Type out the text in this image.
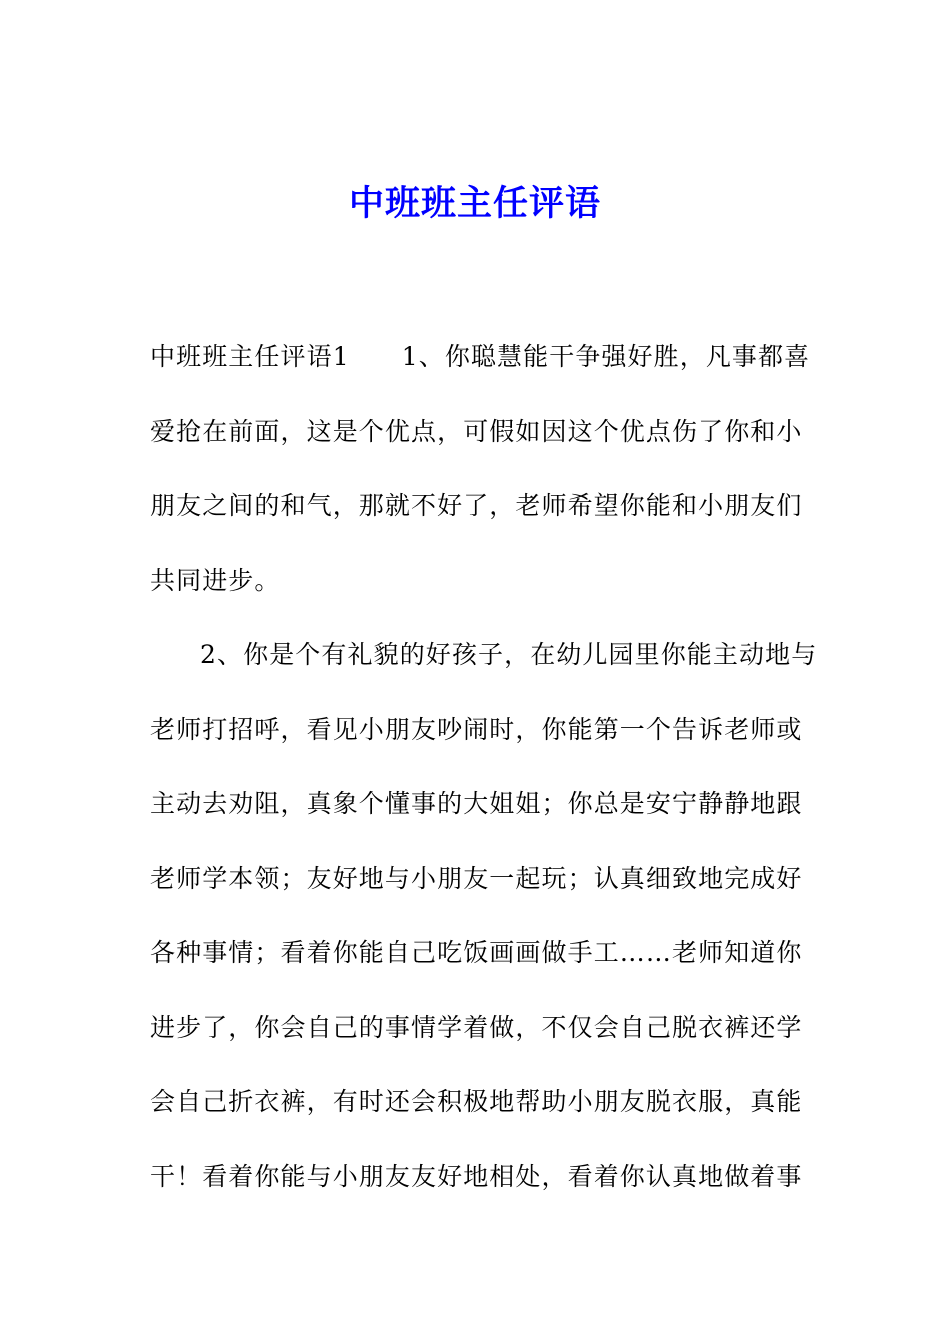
中班班主任评语
中班班主任评语1 1、你聪慧能干争强好胜，凡事都喜
爱抢在前面，这是个优点，可假如因这个优点伤了你和小
朋友之间的和气，那就不好了，老师希望你能和小朋友们
共同进步。
2、你是个有礼貌的好孩子，在幼儿园里你能主动地与
老师打招呼，看见小朋友吵闹时，你能第一个告诉老师或
主动去劝阻，真象个懂事的大姐姐；你总是安宁静静地跟
老师学本领；友好地与小朋友一起玩；认真细致地完成好
各种事情；看着你能自己吃饭画画做手工……老师知道你
进步了，你会自己的事情学着做，不仅会自己脱衣裤还学
会自己折衣裤，有时还会积极地帮助小朋友脱衣服，真能
干！看着你能与小朋友友好地相处，看着你认真地做着事
